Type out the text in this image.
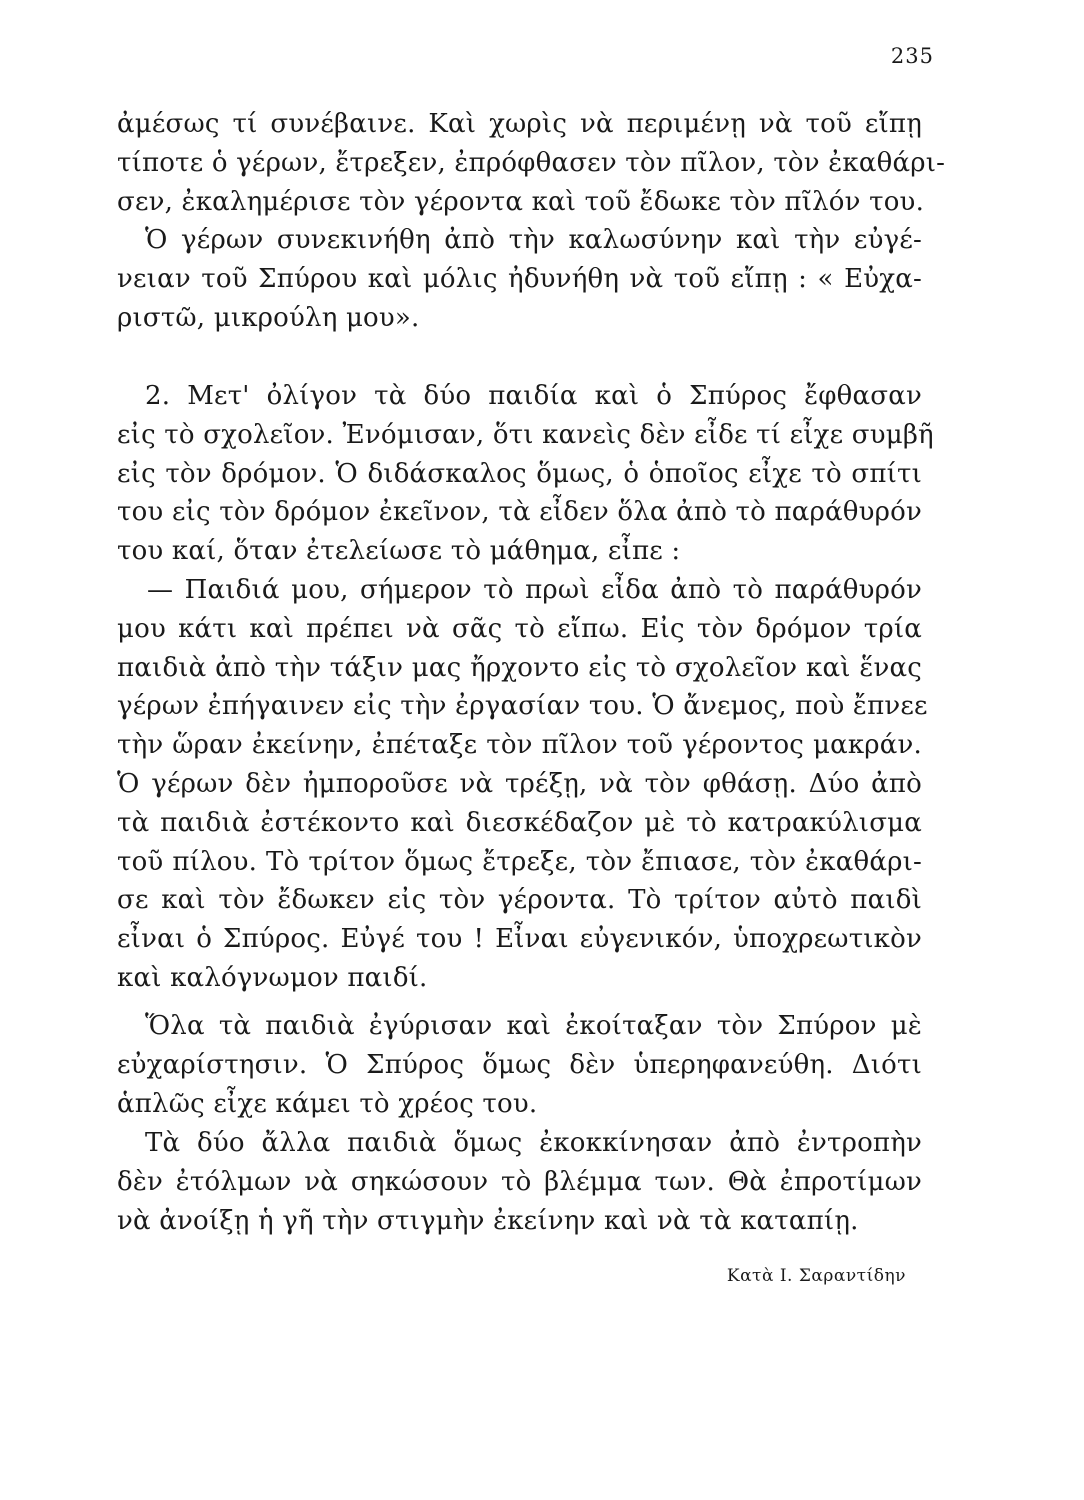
235
ἀμέσως τί συνέβαινε. Καὶ χωρὶς νὰ περιμένῃ νὰ τοῦ εἴπῃ
τίποτε ὁ γέρων, ἔτρεξεν, ἐπρόφθασεν τὸν πῖλον, τὸν ἐκαθάρι-
σεν, ἐκαλημέρισε τὸν γέροντα καὶ τοῦ ἔδωκε τὸν πῖλόν του.
Ὁ γέρων συνεκινήθη ἀπὸ τὴν καλωσύνην καὶ τὴν εὐγέ-
νειαν τοῦ Σπύρου καὶ μόλις ἠδυνήθη νὰ τοῦ εἴπῃ : « Εὐχα-
ριστῶ, μικρούλη μου».
2. Μετ' ὀλίγον τὰ δύο παιδία καὶ ὁ Σπύρος ἔφθασαν
εἰς τὸ σχολεῖον. Ἐνόμισαν, ὅτι κανεὶς δὲν εἶδε τί εἶχε συμβῆ
εἰς τὸν δρόμον. Ὁ διδάσκαλος ὅμως, ὁ ὁποῖος εἶχε τὸ σπίτι
του εἰς τὸν δρόμον ἐκεῖνον, τὰ εἶδεν ὅλα ἀπὸ τὸ παράθυρόν
του καί, ὅταν ἐτελείωσε τὸ μάθημα, εἶπε :
— Παιδιά μου, σήμερον τὸ πρωὶ εἶδα ἀπὸ τὸ παράθυρόν
μου κάτι καὶ πρέπει νὰ σᾶς τὸ εἴπω. Εἰς τὸν δρόμον τρία
παιδιὰ ἀπὸ τὴν τάξιν μας ἤρχοντο εἰς τὸ σχολεῖον καὶ ἕνας
γέρων ἐπήγαινεν εἰς τὴν ἐργασίαν του. Ὁ ἄνεμος, ποὺ ἔπνεε
τὴν ὥραν ἐκείνην, ἐπέταξε τὸν πῖλον τοῦ γέροντος μακράν.
Ὁ γέρων δὲν ἠμποροῦσε νὰ τρέξῃ, νὰ τὸν φθάσῃ. Δύο ἀπὸ
τὰ παιδιὰ ἐστέκοντο καὶ διεσκέδαζον μὲ τὸ κατρακύλισμα
τοῦ πίλου. Τὸ τρίτον ὅμως ἔτρεξε, τὸν ἔπιασε, τὸν ἐκαθάρι-
σε καὶ τὸν ἔδωκεν εἰς τὸν γέροντα. Τὸ τρίτον αὐτὸ παιδὶ
εἶναι ὁ Σπύρος. Εὐγέ του ! Εἶναι εὐγενικόν, ὑποχρεωτικὸν
καὶ καλόγνωμον παιδί.
Ὅλα τὰ παιδιὰ ἐγύρισαν καὶ ἐκοίταξαν τὸν Σπύρον μὲ
εὐχαρίστησιν. Ὁ Σπύρος ὅμως δὲν ὑπερηφανεύθη. Διότι
ἁπλῶς εἶχε κάμει τὸ χρέος του.
Τὰ δύο ἄλλα παιδιὰ ὅμως ἐκοκκίνησαν ἀπὸ ἐντροπὴν
δὲν ἐτόλμων νὰ σηκώσουν τὸ βλέμμα των. Θὰ ἐπροτίμων
νὰ ἀνοίξῃ ἡ γῆ τὴν στιγμὴν ἐκείνην καὶ νὰ τὰ καταπίῃ.
Κατὰ Ι. Σαραντίδην
